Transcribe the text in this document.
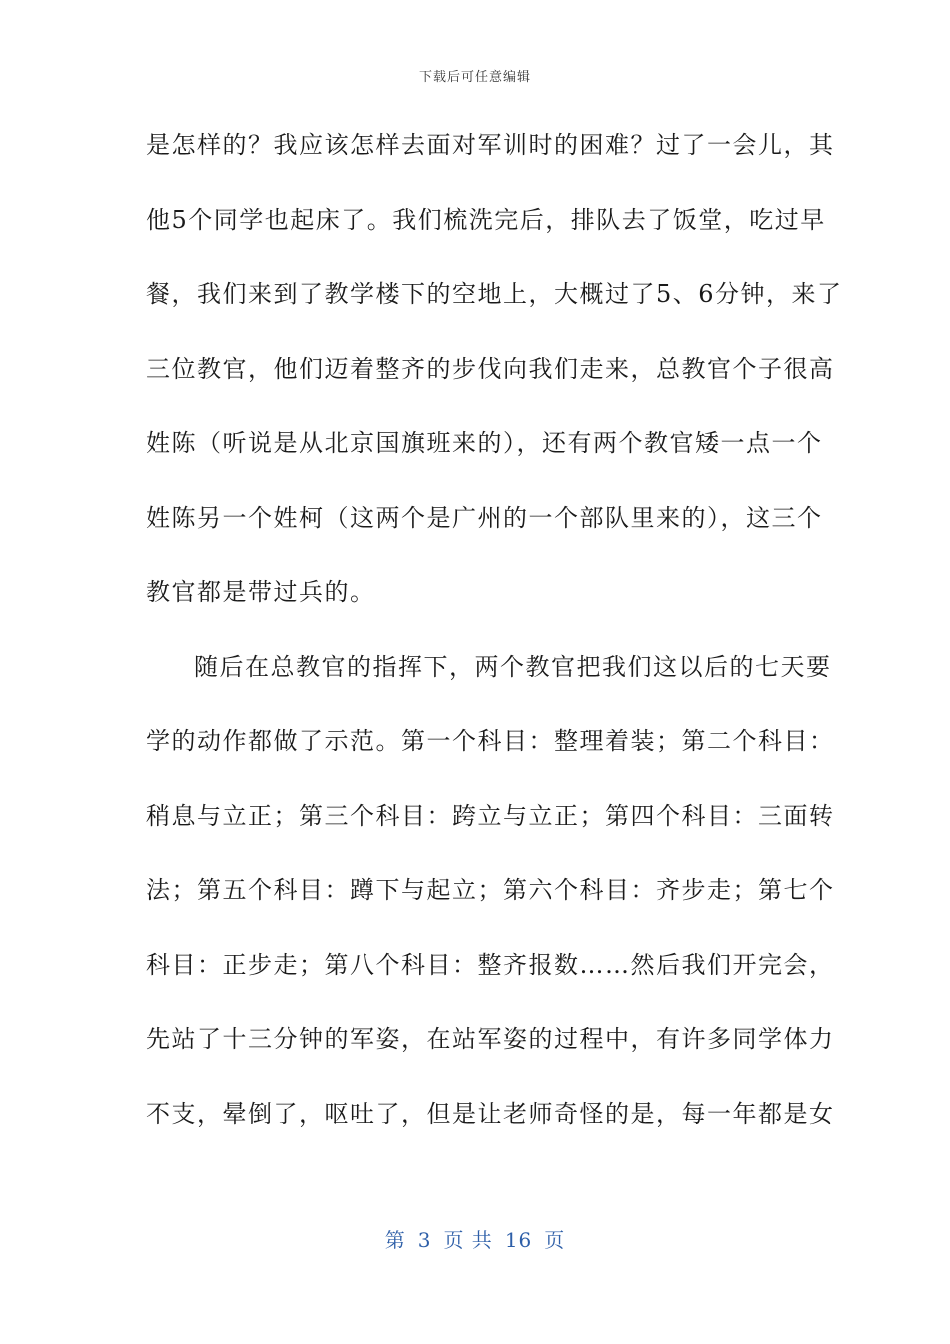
下载后可任意编辑
是怎样的？我应该怎样去面对军训时的困难？过了一会儿，其
他5个同学也起床了。我们梳洗完后，排队去了饭堂，吃过早
餐，我们来到了教学楼下的空地上，大概过了5、6分钟，来了
三位教官，他们迈着整齐的步伐向我们走来，总教官个子很高
姓陈（听说是从北京国旗班来的），还有两个教官矮一点一个
姓陈另一个姓柯（这两个是广州的一个部队里来的），这三个
教官都是带过兵的。
随后在总教官的指挥下，两个教官把我们这以后的七天要
学的动作都做了示范。第一个科目：整理着装；第二个科目：
稍息与立正；第三个科目：跨立与立正；第四个科目：三面转
法；第五个科目：蹲下与起立；第六个科目：齐步走；第七个
科目：正步走；第八个科目：整齐报数……然后我们开完会，
先站了十三分钟的军姿，在站军姿的过程中，有许多同学体力
不支，晕倒了，呕吐了，但是让老师奇怪的是，每一年都是女
第 3 页 共 16 页
